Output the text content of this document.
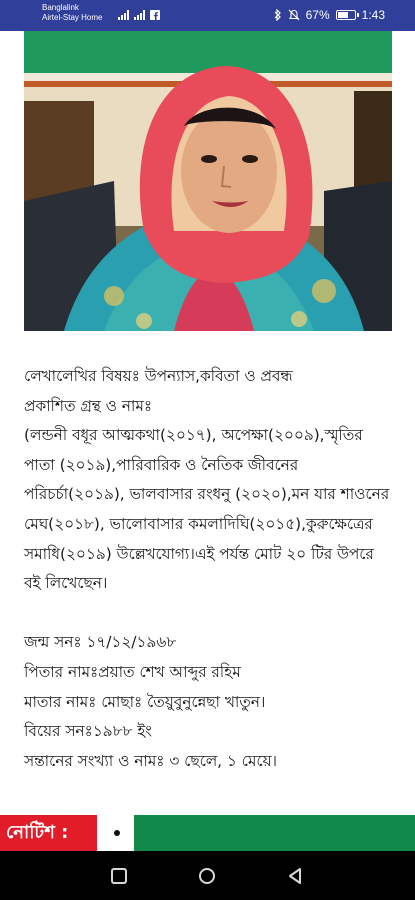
Banglalink
Airtel-Stay Home	67%	1:43

লেখালেখির বিষয়ঃ উপন্যাস,কবিতা ও প্রবন্ধ

প্রকাশিত গ্রন্থ ও নামঃ

(লন্ডনী বধূর আত্মকথা(২০১৭), অপেক্ষা(২০০৯),স্মৃতির পাতা (২০১৯),পারিবারিক ও নৈতিক জীবনের পরিচর্চা(২০১৯), ভালবাসার রংধনু (২০২০),মন যার শাওনের মেঘ(২০১৮), ভালোবাসার কমলাদিঘি(২০১৫),কুরুক্ষেত্রের সমাধি(২০১৯) উল্লেখযোগ্য।এই পর্যন্ত মোট ২০ টির উপরে বই লিখেছেন।

জন্ম সনঃ ১৭/১২/১৯৬৮

পিতার নামঃপ্রয়াত শেখ আব্দুর রহিম

মাতার নামঃ মোছাঃ তৈয়ুবুনুন্নেছা খাতুন।

বিয়ের সনঃ১৯৮৮ ইং

সন্তানের সংখ্যা ও নামঃ ৩ ছেলে, ১ মেয়ে।

নোটিশ :
